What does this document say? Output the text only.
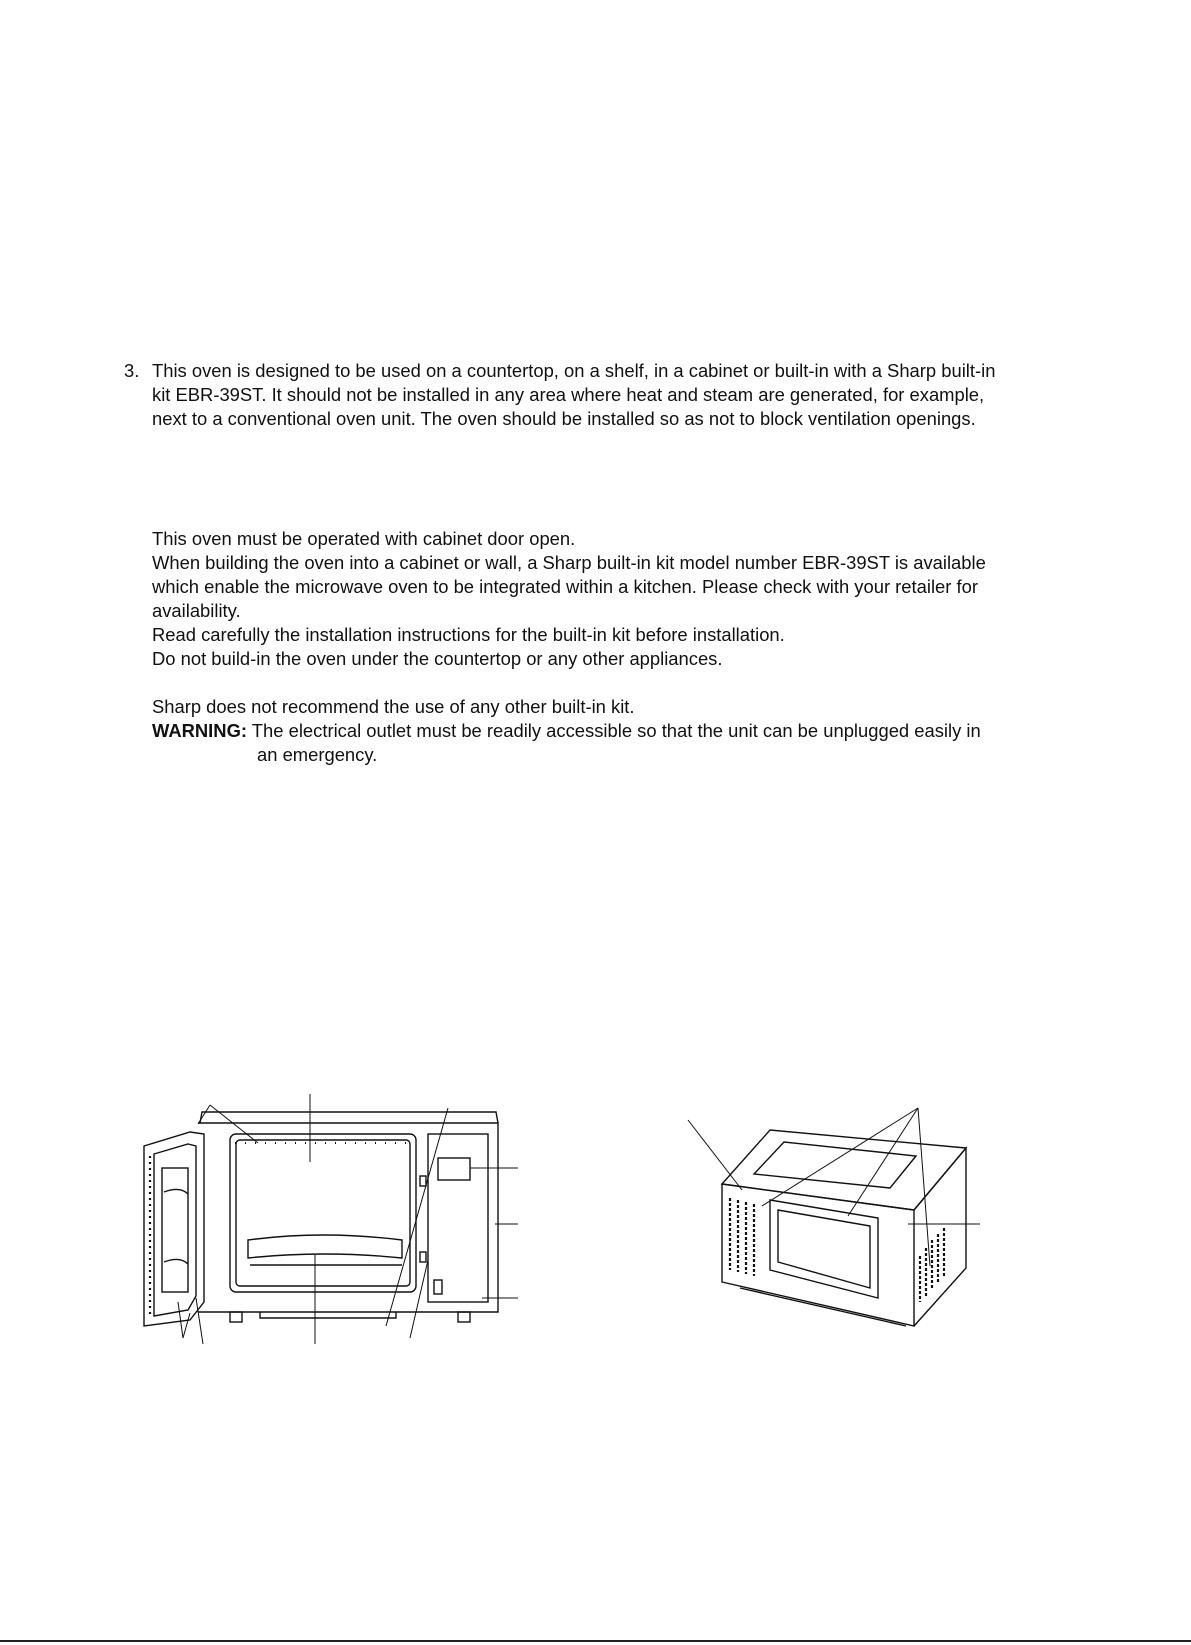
3. This oven is designed to be used on a countertop, on a shelf, in a cabinet or built-in with a Sharp built-in
kit EBR-39ST. It should not be installed in any area where heat and steam are generated, for example,
next to a conventional oven unit. The oven should be installed so as not to block ventilation openings.
This oven must be operated with cabinet door open.
When building the oven into a cabinet or wall, a Sharp built-in kit model number EBR-39ST is available
which enable the microwave oven to be integrated within a kitchen. Please check with your retailer for
availability.
Read carefully the installation instructions for the built-in kit before installation.
Do not build-in the oven under the countertop or any other appliances.
Sharp does not recommend the use of any other built-in kit.
WARNING: The electrical outlet must be readily accessible so that the unit can be unplugged easily in
an emergency.
